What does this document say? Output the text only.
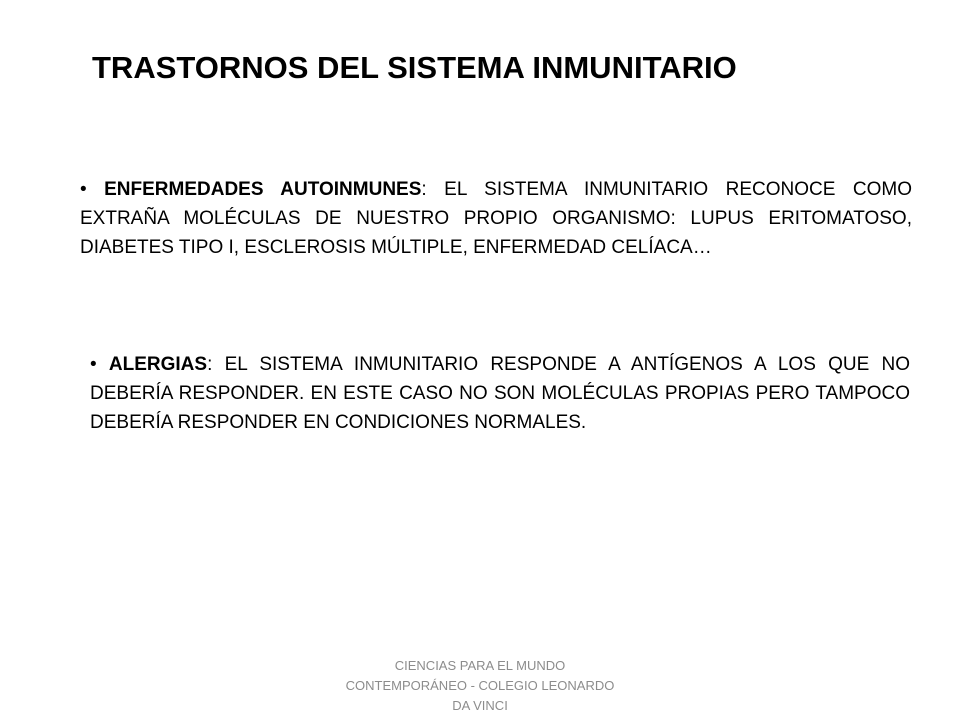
TRASTORNOS DEL SISTEMA INMUNITARIO
• ENFERMEDADES AUTOINMUNES: EL SISTEMA INMUNITARIO RECONOCE COMO EXTRAÑA MOLÉCULAS DE NUESTRO PROPIO ORGANISMO: LUPUS ERITOMATOSO, DIABETES TIPO I, ESCLEROSIS MÚLTIPLE, ENFERMEDAD CELÍACA…
• ALERGIAS: EL SISTEMA INMUNITARIO RESPONDE A ANTÍGENOS A LOS QUE NO DEBERÍA RESPONDER. EN ESTE CASO NO SON MOLÉCULAS PROPIAS PERO TAMPOCO DEBERÍA RESPONDER EN CONDICIONES NORMALES.
CIENCIAS PARA EL MUNDO
CONTEMPORÁNEO - COLEGIO LEONARDO
DA VINCI
